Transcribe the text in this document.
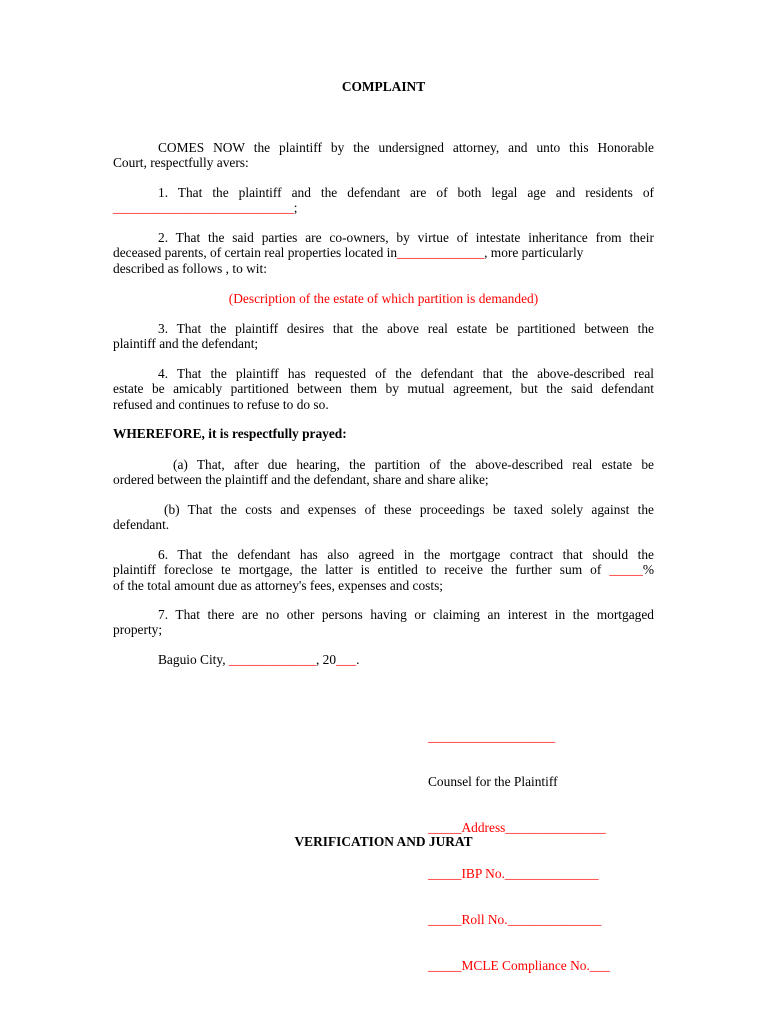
COMPLAINT
COMES NOW the plaintiff by the undersigned attorney, and unto this Honorable
Court, respectfully avers:
1. That the plaintiff and the defendant are of both legal age and residents of
___________________________;
2. That the said parties are co-owners, by virtue of intestate inheritance from their
deceased parents, of certain real properties located in_____________, more particularly
described as follows , to wit:
(Description of the estate of which partition is demanded)
3. That the plaintiff desires that the above real estate be partitioned between the
plaintiff and the defendant;
4. That the plaintiff has requested of the defendant that the above-described real
estate be amicably partitioned between them by mutual agreement, but the said defendant
refused and continues to refuse to do so.
WHEREFORE, it is respectfully prayed:
(a) That, after due hearing, the partition of the above-described real estate be
ordered between the plaintiff and the defendant, share and share alike;
(b) That the costs and expenses of these proceedings be taxed solely against the
defendant.
6. That the defendant has also agreed in the mortgage contract that should the
plaintiff foreclose te mortgage, the latter is entitled to receive the further sum of _____%
of the total amount due as attorney's fees, expenses and costs;
7. That there are no other persons having or claiming an interest in the mortgaged
property;
Baguio City, _____________, 20___.

___________________

Counsel for the Plaintiff

_____Address_______________

_____IBP No.______________

_____Roll No.______________

_____MCLE Compliance No.___

VERIFICATION AND JURAT
